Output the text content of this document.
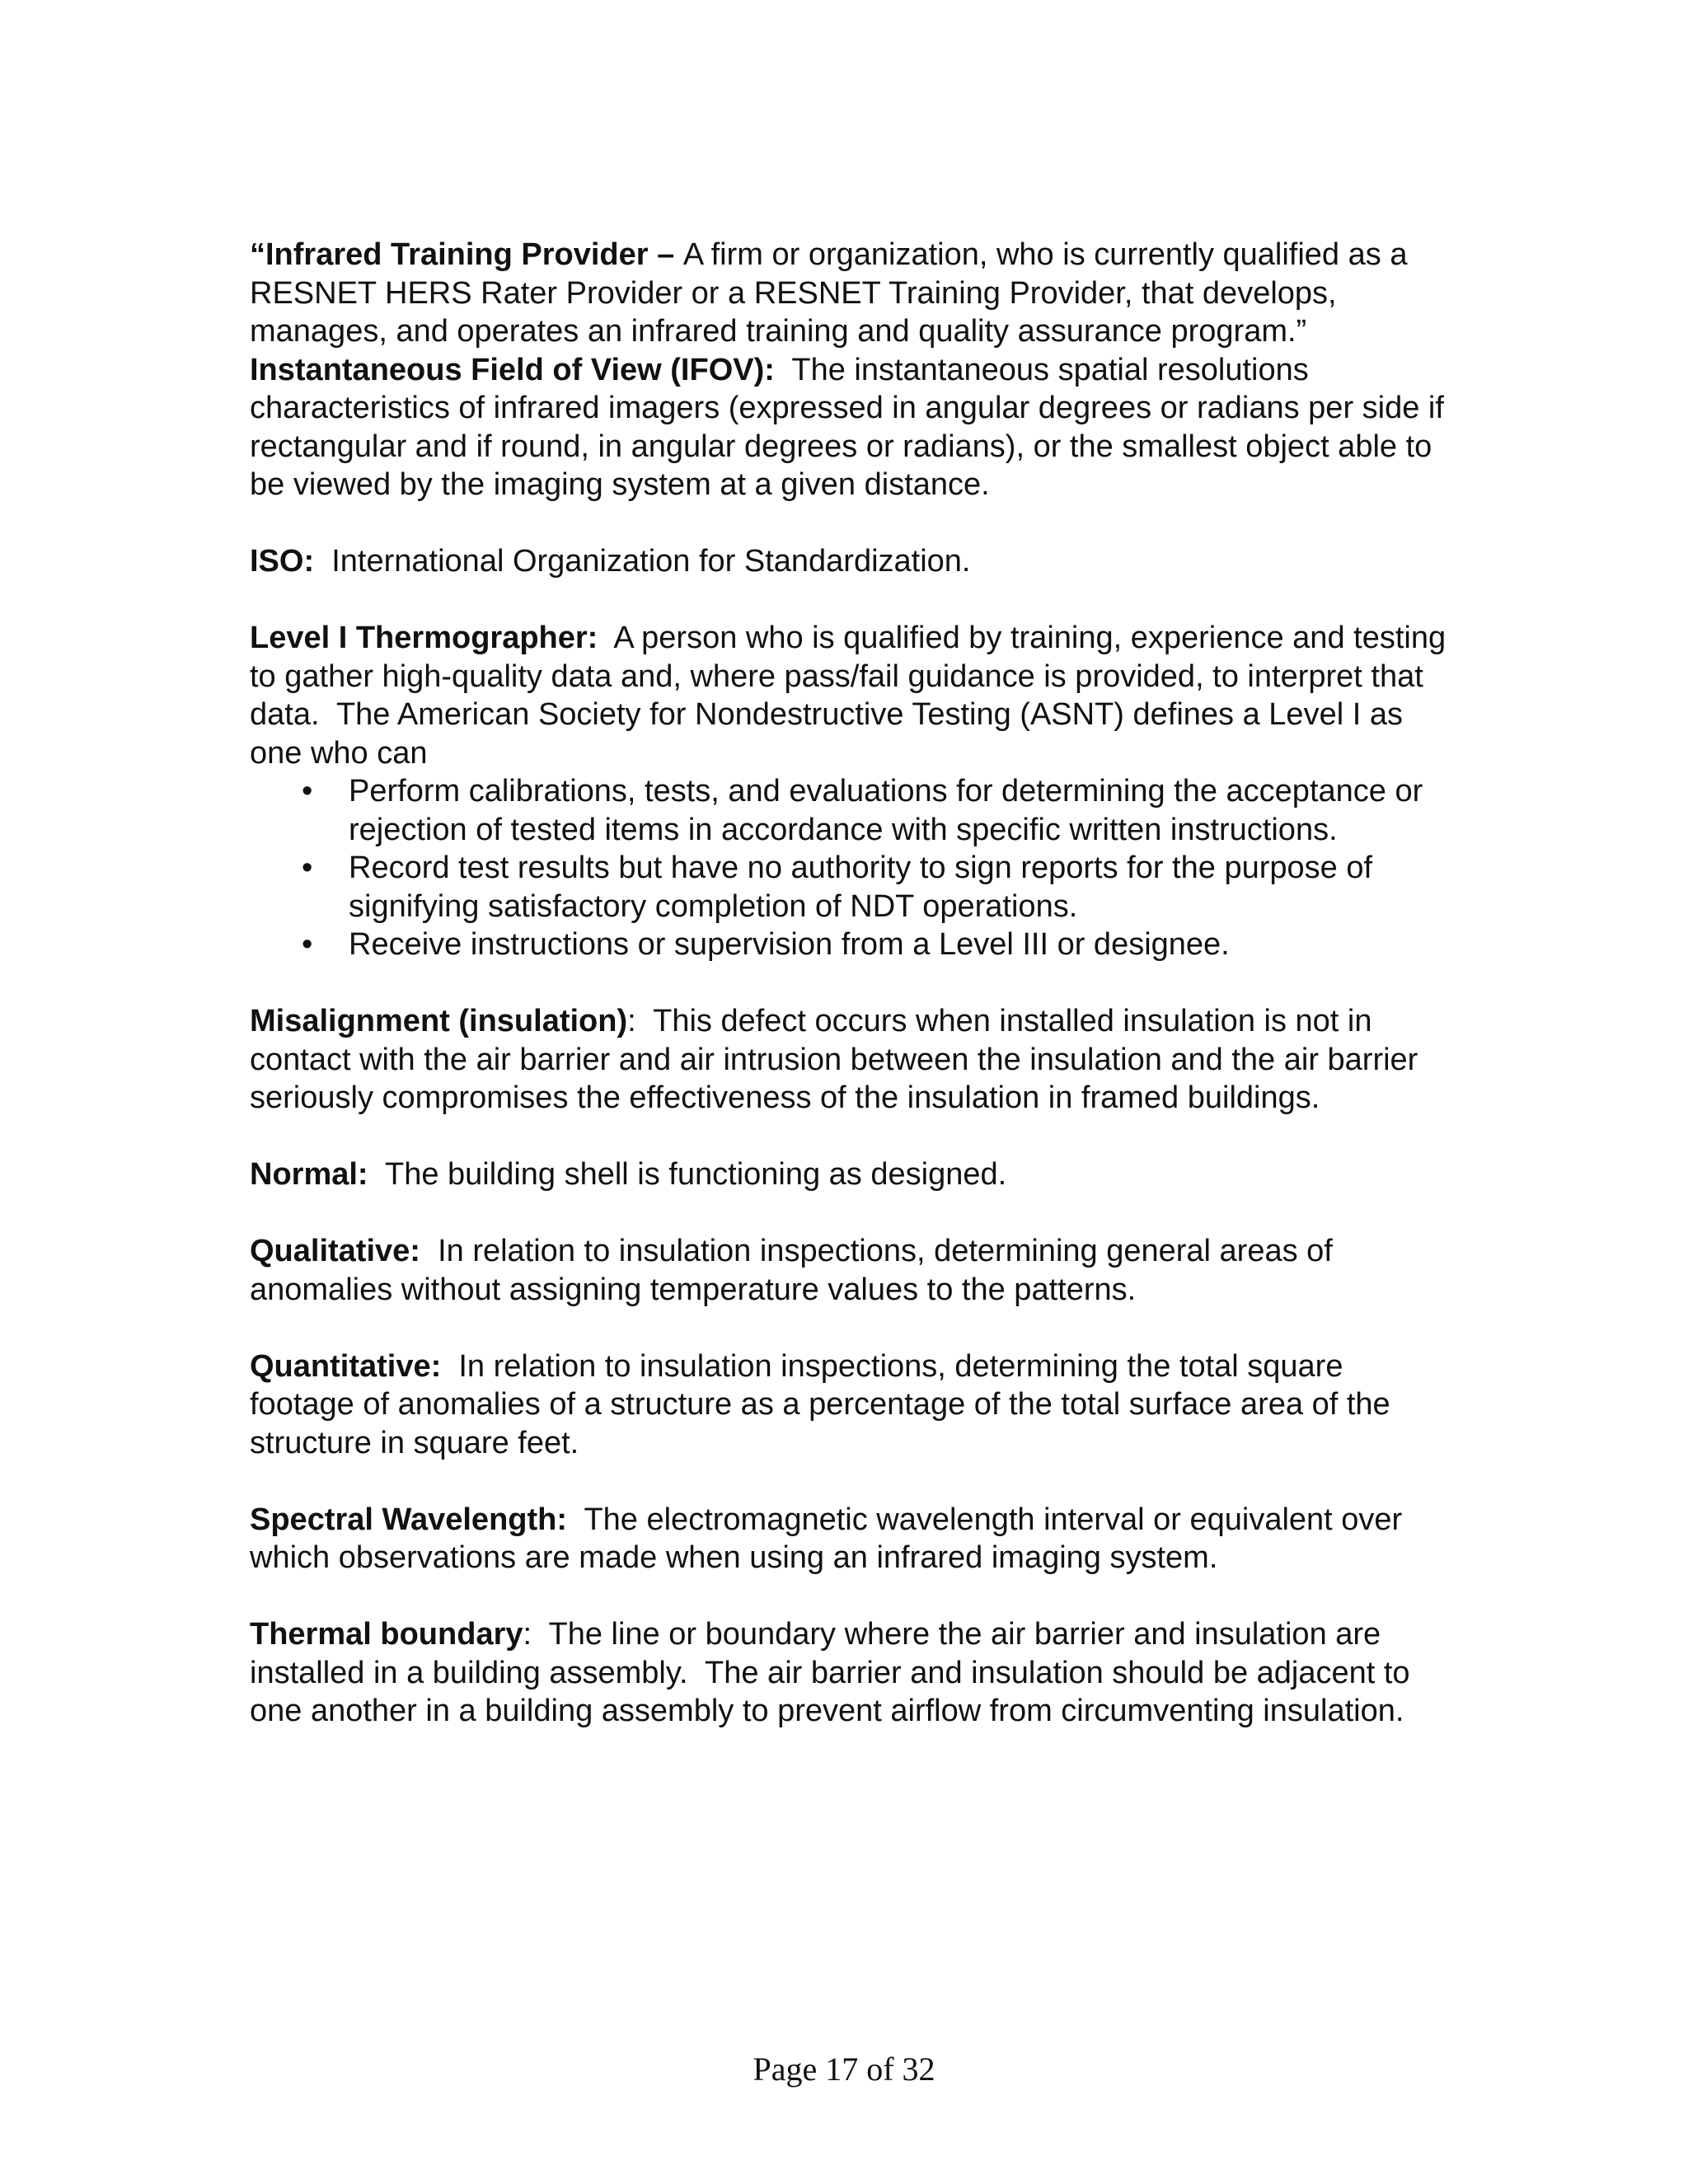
“Infrared Training Provider – A firm or organization, who is currently qualified as a RESNET HERS Rater Provider or a RESNET Training Provider, that develops, manages, and operates an infrared training and quality assurance program.”

Instantaneous Field of View (IFOV):  The instantaneous spatial resolutions characteristics of infrared imagers (expressed in angular degrees or radians per side if rectangular and if round, in angular degrees or radians), or the smallest object able to be viewed by the imaging system at a given distance.

ISO:  International Organization for Standardization.

Level I Thermographer:  A person who is qualified by training, experience and testing to gather high-quality data and, where pass/fail guidance is provided, to interpret that data.  The American Society for Nondestructive Testing (ASNT) defines a Level I as one who can

• Perform calibrations, tests, and evaluations for determining the acceptance or rejection of tested items in accordance with specific written instructions.
• Record test results but have no authority to sign reports for the purpose of signifying satisfactory completion of NDT operations.
• Receive instructions or supervision from a Level III or designee.

Misalignment (insulation):  This defect occurs when installed insulation is not in contact with the air barrier and air intrusion between the insulation and the air barrier seriously compromises the effectiveness of the insulation in framed buildings.

Normal:  The building shell is functioning as designed.

Qualitative:  In relation to insulation inspections, determining general areas of anomalies without assigning temperature values to the patterns.

Quantitative:  In relation to insulation inspections, determining the total square footage of anomalies of a structure as a percentage of the total surface area of the structure in square feet.

Spectral Wavelength:  The electromagnetic wavelength interval or equivalent over which observations are made when using an infrared imaging system.

Thermal boundary:  The line or boundary where the air barrier and insulation are installed in a building assembly.  The air barrier and insulation should be adjacent to one another in a building assembly to prevent airflow from circumventing insulation.

Page 17 of 32
